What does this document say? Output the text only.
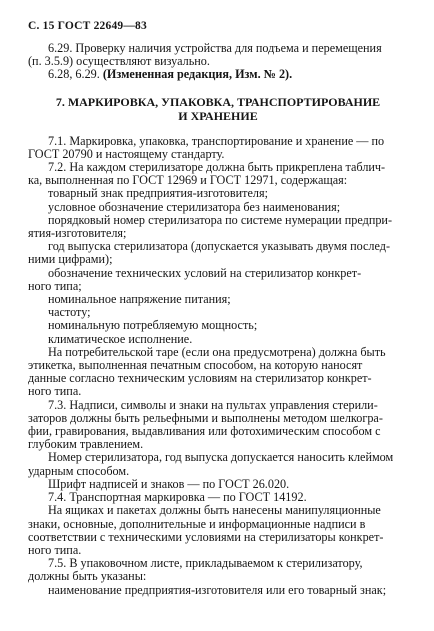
С. 15 ГОСТ 22649—83
6.29. Проверку наличия устройства для подъема и перемещения
(п. 3.5.9) осуществляют визуально.
6.28, 6.29. (Измененная редакция, Изм. № 2).
7. МАРКИРОВКА, УПАКОВКА, ТРАНСПОРТИРОВАНИЕ
И ХРАНЕНИЕ
7.1. Маркировка, упаковка, транспортирование и хранение — по
ГОСТ 20790 и настоящему стандарту.
7.2. На каждом стерилизаторе должна быть прикреплена таблич-
ка, выполненная по ГОСТ 12969 и ГОСТ 12971, содержащая:
товарный знак предприятия-изготовителя;
условное обозначение стерилизатора без наименования;
порядковый номер стерилизатора по системе нумерации предпри-
ятия-изготовителя;
год выпуска стерилизатора (допускается указывать двумя послед-
ними цифрами);
обозначение технических условий на стерилизатор конкрет-
ного типа;
номинальное напряжение питания;
частоту;
номинальную потребляемую мощность;
климатическое исполнение.
На потребительской таре (если она предусмотрена) должна быть
этикетка, выполненная печатным способом, на которую наносят
данные согласно техническим условиям на стерилизатор конкрет-
ного типа.
7.3. Надписи, символы и знаки на пультах управления стерили-
заторов должны быть рельефными и выполнены методом шелкогра-
фии, гравирования, выдавливания или фотохимическим способом с
глубоким травлением.
Номер стерилизатора, год выпуска допускается наносить клеймом
ударным способом.
Шрифт надписей и знаков — по ГОСТ 26.020.
7.4. Транспортная маркировка — по ГОСТ 14192.
На ящиках и пакетах должны быть нанесены манипуляционные
знаки, основные, дополнительные и информационные надписи в
соответствии с техническими условиями на стерилизаторы конкрет-
ного типа.
7.5. В упаковочном листе, прикладываемом к стерилизатору,
должны быть указаны:
наименование предприятия-изготовителя или его товарный знак;
